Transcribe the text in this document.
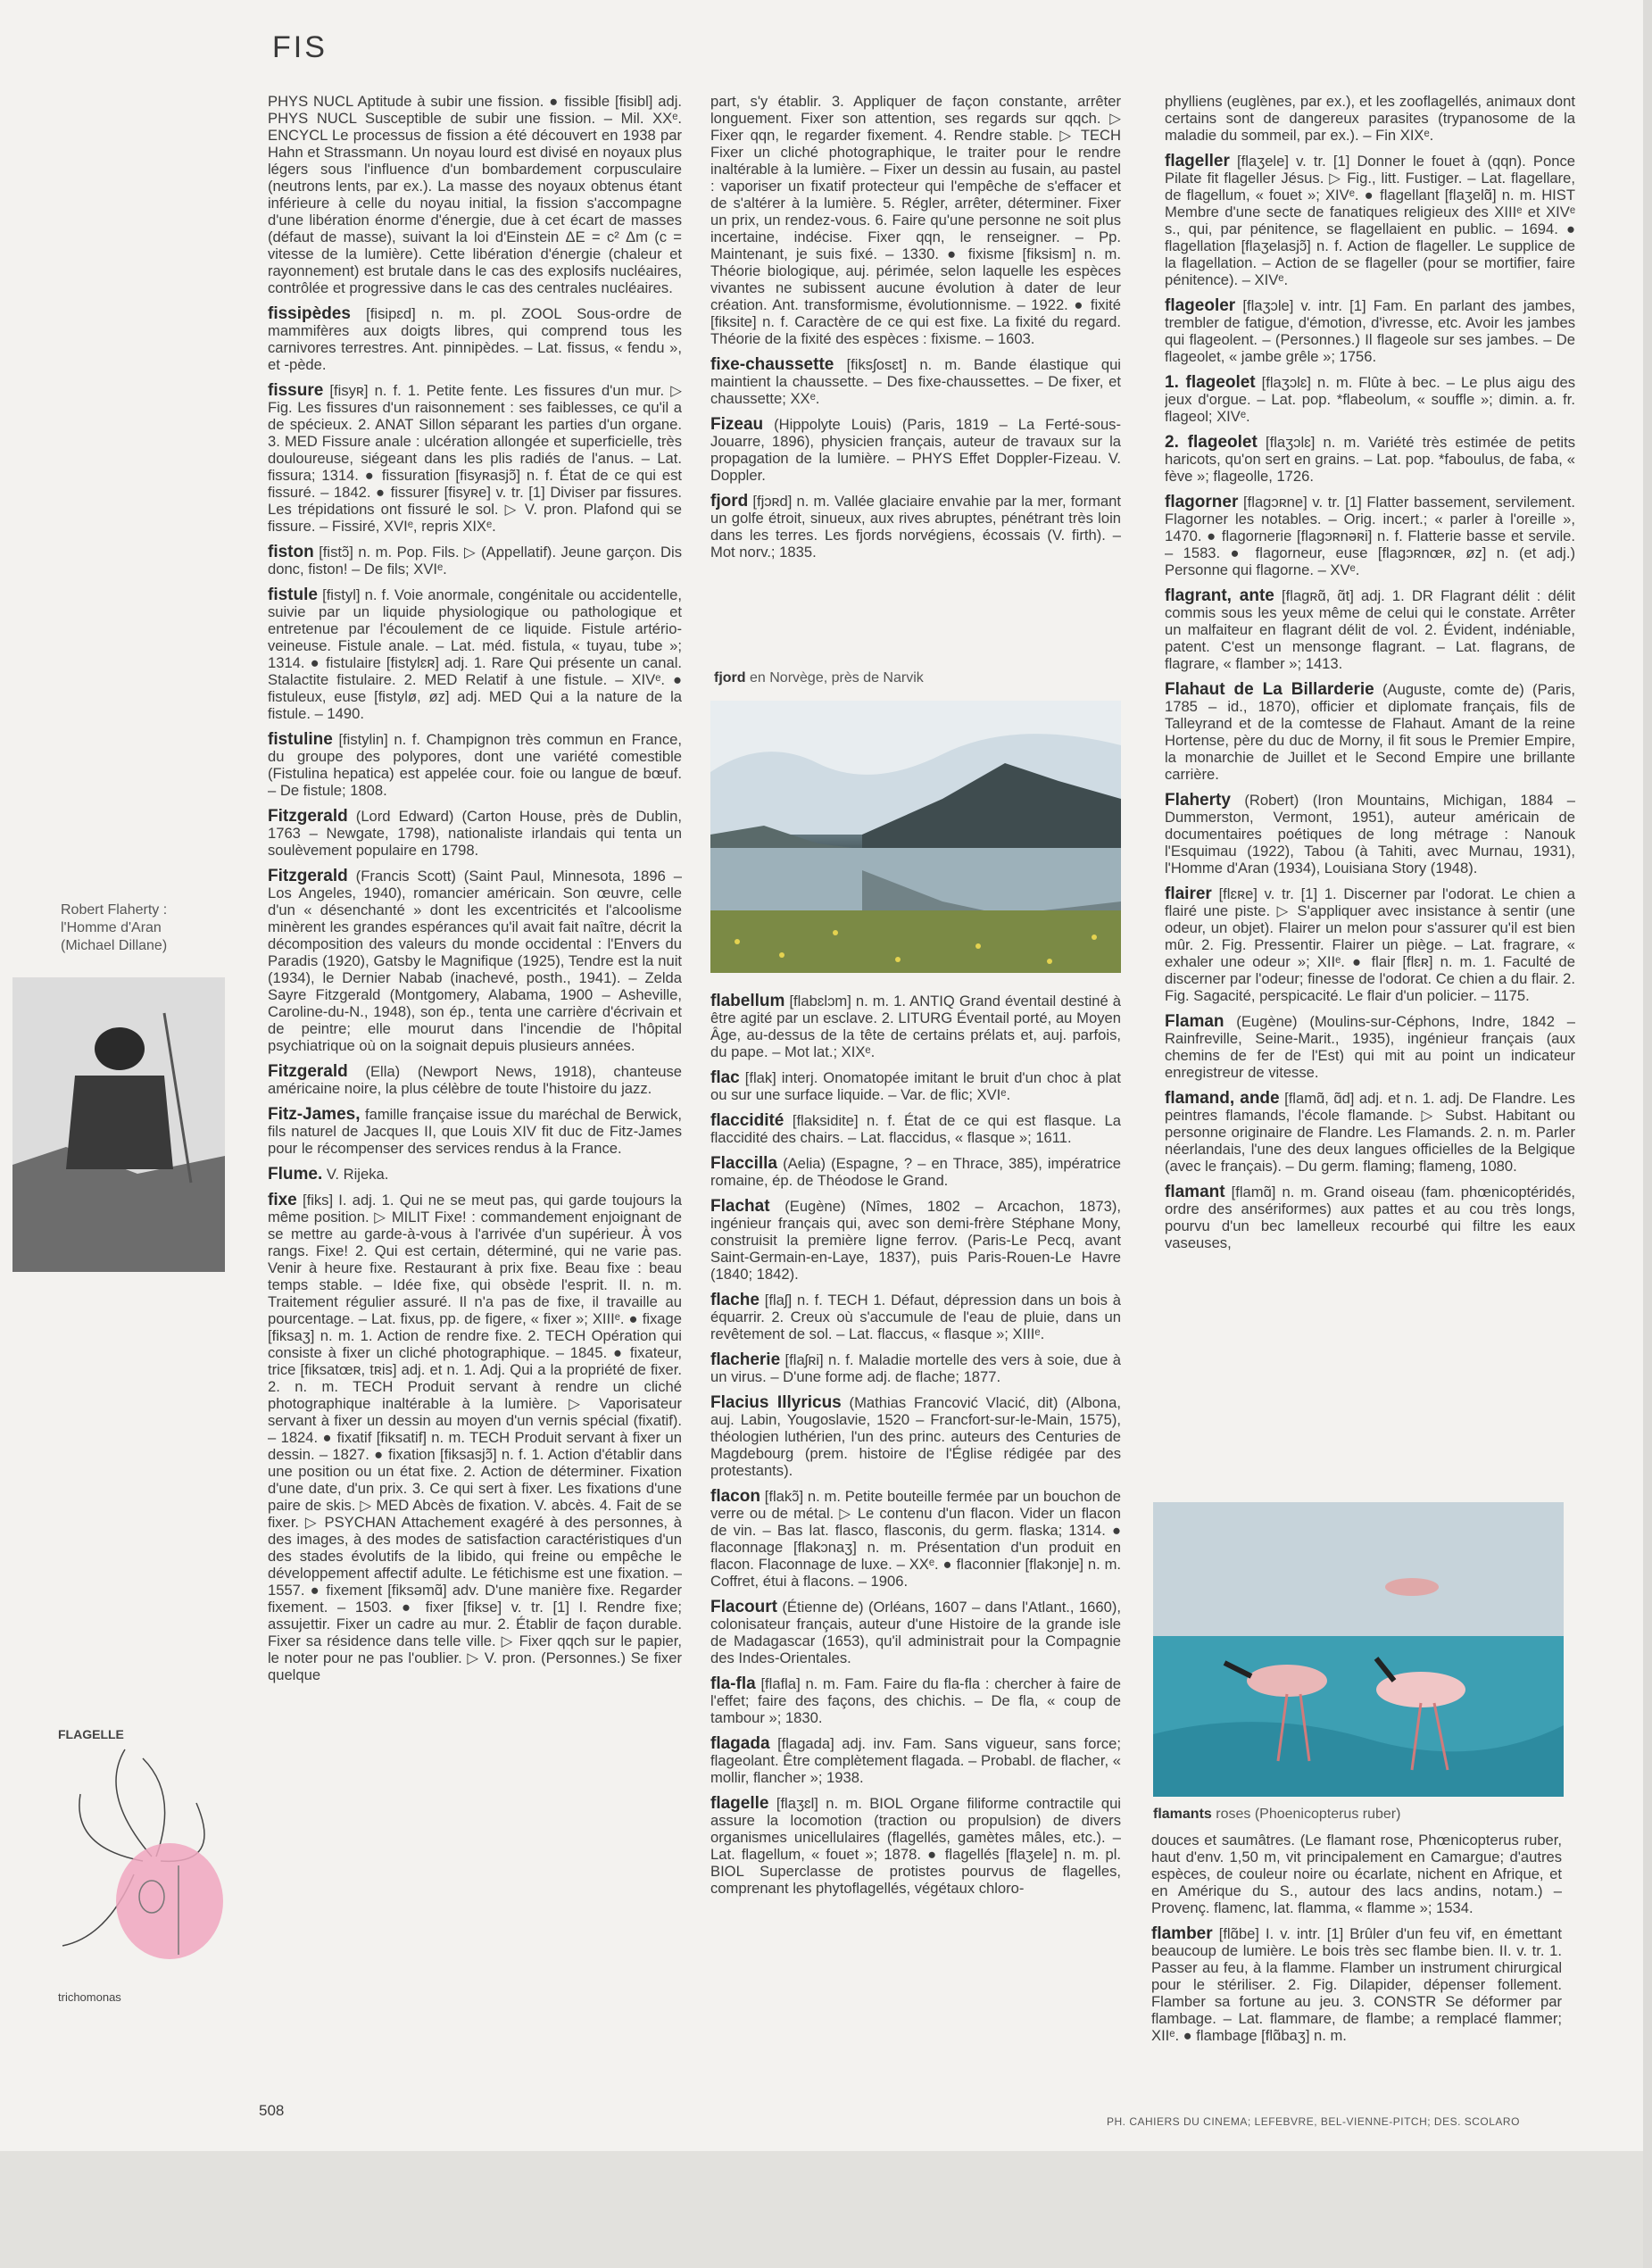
FIS

PHYS NUCL Aptitude à subir une fission. ● fissible [fisibl] adj. PHYS NUCL Susceptible de subir une fission. – Mil. XXᵉ. ENCYCL Le processus de fission a été découvert en 1938 par Hahn et Strassmann. Un noyau lourd est divisé en noyaux plus légers sous l'influence d'un bombardement corpusculaire (neutrons lents, par ex.). La masse des noyaux obtenus étant inférieure à celle du noyau initial, la fission s'accompagne d'une libération énorme d'énergie, due à cet écart de masses (défaut de masse), suivant la loi d'Einstein ΔE = c² Δm (c = vitesse de la lumière). Cette libération d'énergie (chaleur et rayonnement) est brutale dans le cas des explosifs nucléaires, contrôlée et progressive dans le cas des centrales nucléaires.

fissipèdes [fisipɛd] n. m. pl. ZOOL Sous-ordre de mammifères aux doigts libres, qui comprend tous les carnivores terrestres. Ant. pinnipèdes. – Lat. fissus, « fendu », et -pède.

fissure [fisyʀ] n. f. 1. Petite fente. Les fissures d'un mur. ▷ Fig. Les fissures d'un raisonnement : ses faiblesses, ce qu'il a de spécieux. 2. ANAT Sillon séparant les parties d'un organe. 3. MED Fissure anale : ulcération allongée et superficielle, très douloureuse, siégeant dans les plis radiés de l'anus. – Lat. fissura; 1314. ● fissuration [fisyʀasjɔ̃] n. f. État de ce qui est fissuré. – 1842. ● fissurer [fisyʀe] v. tr. [1] Diviser par fissures. Les trépidations ont fissuré le sol. ▷ V. pron. Plafond qui se fissure. – Fissiré, XVIᵉ, repris XIXᵉ.

fiston [fistɔ̃] n. m. Pop. Fils. ▷ (Appellatif). Jeune garçon. Dis donc, fiston! – De fils; XVIᵉ.

fistule [fistyl] n. f. Voie anormale, congénitale ou accidentelle, suivie par un liquide physiologique ou pathologique et entretenue par l'écoulement de ce liquide. Fistule artério-veineuse. Fistule anale. – Lat. méd. fistula, « tuyau, tube »; 1314. ● fistulaire [fistylɛʀ] adj. 1. Rare Qui présente un canal. Stalactite fistulaire. 2. MED Relatif à une fistule. – XIVᵉ. ● fistuleux, euse [fistylø, øz] adj. MED Qui a la nature de la fistule. – 1490.

fistuline [fistylin] n. f. Champignon très commun en France, du groupe des polypores, dont une variété comestible (Fistulina hepatica) est appelée cour. foie ou langue de bœuf. – De fistule; 1808.

Fitzgerald (Lord Edward) (Carton House, près de Dublin, 1763 – Newgate, 1798), nationaliste irlandais qui tenta un soulèvement populaire en 1798.

Fitzgerald (Francis Scott) (Saint Paul, Minnesota, 1896 – Los Angeles, 1940), romancier américain. Son œuvre, celle d'un « désenchanté » dont les excentricités et l'alcoolisme minèrent les grandes espérances qu'il avait fait naître, décrit la décomposition des valeurs du monde occidental : l'Envers du Paradis (1920), Gatsby le Magnifique (1925), Tendre est la nuit (1934), le Dernier Nabab (inachevé, posth., 1941). – Zelda Sayre Fitzgerald (Montgomery, Alabama, 1900 – Asheville, Caroline-du-N., 1948), son ép., tenta une carrière d'écrivain et de peintre; elle mourut dans l'incendie de l'hôpital psychiatrique où on la soignait depuis plusieurs années.

Fitzgerald (Ella) (Newport News, 1918), chanteuse américaine noire, la plus célèbre de toute l'histoire du jazz.

Fitz-James, famille française issue du maréchal de Berwick, fils naturel de Jacques II, que Louis XIV fit duc de Fitz-James pour le récompenser des services rendus à la France.

Flume. V. Rijeka.

fixe [fiks] I. adj. 1. Qui ne se meut pas, qui garde toujours la même position. ▷ MILIT Fixe! : commandement enjoignant de se mettre au garde-à-vous à l'arrivée d'un supérieur. À vos rangs. Fixe! 2. Qui est certain, déterminé, qui ne varie pas. Venir à heure fixe. Restaurant à prix fixe. Beau fixe : beau temps stable. – Idée fixe, qui obsède l'esprit. II. n. m. Traitement régulier assuré. Il n'a pas de fixe, il travaille au pourcentage. – Lat. fixus, pp. de figere, « fixer »; XIIIᵉ. ● fixage [fiksaʒ] n. m. 1. Action de rendre fixe. 2. TECH Opération qui consiste à fixer un cliché photographique. – 1845. ● fixateur, trice [fiksatœʀ, tʀis] adj. et n. 1. Adj. Qui a la propriété de fixer. 2. n. m. TECH Produit servant à rendre un cliché photographique inaltérable à la lumière. ▷ Vaporisateur servant à fixer un dessin au moyen d'un vernis spécial (fixatif). – 1824. ● fixatif [fiksatif] n. m. TECH Produit servant à fixer un dessin. – 1827. ● fixation [fiksasjɔ̃] n. f. 1. Action d'établir dans une position ou un état fixe. 2. Action de déterminer. Fixation d'une date, d'un prix. 3. Ce qui sert à fixer. Les fixations d'une paire de skis. ▷ MED Abcès de fixation. V. abcès. 4. Fait de se fixer. ▷ PSYCHAN Attachement exagéré à des personnes, à des images, à des modes de satisfaction caractéristiques d'un des stades évolutifs de la libido, qui freine ou empêche le développement affectif adulte. Le fétichisme est une fixation. – 1557. ● fixement [fiksəmɑ̃] adv. D'une manière fixe. Regarder fixement. – 1503. ● fixer [fikse] v. tr. [1] I. Rendre fixe; assujettir. Fixer un cadre au mur. 2. Établir de façon durable. Fixer sa résidence dans telle ville. ▷ Fixer qqch sur le papier, le noter pour ne pas l'oublier. ▷ V. pron. (Personnes.) Se fixer quelque

part, s'y établir. 3. Appliquer de façon constante, arrêter longuement. Fixer son attention, ses regards sur qqch. ▷ Fixer qqn, le regarder fixement. 4. Rendre stable. ▷ TECH Fixer un cliché photographique, le traiter pour le rendre inaltérable à la lumière. – Fixer un dessin au fusain, au pastel : vaporiser un fixatif protecteur qui l'empêche de s'effacer et de s'altérer à la lumière. 5. Régler, arrêter, déterminer. Fixer un prix, un rendez-vous. 6. Faire qu'une personne ne soit plus incertaine, indécise. Fixer qqn, le renseigner. – Pp. Maintenant, je suis fixé. – 1330. ● fixisme [fiksism] n. m. Théorie biologique, auj. périmée, selon laquelle les espèces vivantes ne subissent aucune évolution à dater de leur création. Ant. transformisme, évolutionnisme. – 1922. ● fixité [fiksite] n. f. Caractère de ce qui est fixe. La fixité du regard. Théorie de la fixité des espèces : fixisme. – 1603.

fixe-chaussette [fiksʃosɛt] n. m. Bande élastique qui maintient la chaussette. – Des fixe-chaussettes. – De fixer, et chaussette; XXᵉ.

Fizeau (Hippolyte Louis) (Paris, 1819 – La Ferté-sous-Jouarre, 1896), physicien français, auteur de travaux sur la propagation de la lumière. – PHYS Effet Doppler-Fizeau. V. Doppler.

fjord [fjɔʀd] n. m. Vallée glaciaire envahie par la mer, formant un golfe étroit, sinueux, aux rives abruptes, pénétrant très loin dans les terres. Les fjords norvégiens, écossais (V. firth). – Mot norv.; 1835.

fjord en Norvège, près de Narvik

flabellum [flabɛlɔm] n. m. 1. ANTIQ Grand éventail destiné à être agité par un esclave. 2. LITURG Éventail porté, au Moyen Âge, au-dessus de la tête de certains prélats et, auj. parfois, du pape. – Mot lat.; XIXᵉ.

flac [flak] interj. Onomatopée imitant le bruit d'un choc à plat ou sur une surface liquide. – Var. de flic; XVIᵉ.

flaccidité [flaksidite] n. f. État de ce qui est flasque. La flaccidité des chairs. – Lat. flaccidus, « flasque »; 1611.

Flaccilla (Aelia) (Espagne, ? – en Thrace, 385), impératrice romaine, ép. de Théodose le Grand.

Flachat (Eugène) (Nîmes, 1802 – Arcachon, 1873), ingénieur français qui, avec son demi-frère Stéphane Mony, construisit la première ligne ferrov. (Paris-Le Pecq, avant Saint-Germain-en-Laye, 1837), puis Paris-Rouen-Le Havre (1840; 1842).

flache [flaʃ] n. f. TECH 1. Défaut, dépression dans un bois à équarrir. 2. Creux où s'accumule de l'eau de pluie, dans un revêtement de sol. – Lat. flaccus, « flasque »; XIIIᵉ.

flacherie [flaʃʀi] n. f. Maladie mortelle des vers à soie, due à un virus. – D'une forme adj. de flache; 1877.

Flacius Illyricus (Mathias Francović Vlacić, dit) (Albona, auj. Labin, Yougoslavie, 1520 – Francfort-sur-le-Main, 1575), théologien luthérien, l'un des princ. auteurs des Centuries de Magdebourg (prem. histoire de l'Église rédigée par des protestants).

flacon [flakɔ̃] n. m. Petite bouteille fermée par un bouchon de verre ou de métal. ▷ Le contenu d'un flacon. Vider un flacon de vin. – Bas lat. flasco, flasconis, du germ. flaska; 1314. ● flaconnage [flakɔnaʒ] n. m. Présentation d'un produit en flacon. Flaconnage de luxe. – XXᵉ. ● flaconnier [flakɔnje] n. m. Coffret, étui à flacons. – 1906.

Flacourt (Étienne de) (Orléans, 1607 – dans l'Atlant., 1660), colonisateur français, auteur d'une Histoire de la grande isle de Madagascar (1653), qu'il administrait pour la Compagnie des Indes-Orientales.

fla-fla [flafla] n. m. Fam. Faire du fla-fla : chercher à faire de l'effet; faire des façons, des chichis. – De fla, « coup de tambour »; 1830.

flagada [flagada] adj. inv. Fam. Sans vigueur, sans force; flageolant. Être complètement flagada. – Probabl. de flacher, « mollir, flancher »; 1938.

flagelle [flaʒɛl] n. m. BIOL Organe filiforme contractile qui assure la locomotion (traction ou propulsion) de divers organismes unicellulaires (flagellés, gamètes mâles, etc.). – Lat. flagellum, « fouet »; 1878. ● flagellés [flaʒele] n. m. pl. BIOL Superclasse de protistes pourvus de flagelles, comprenant les phytoflagellés, végétaux chloro-

phylliens (euglènes, par ex.), et les zooflagellés, animaux dont certains sont de dangereux parasites (trypanosome de la maladie du sommeil, par ex.). – Fin XIXᵉ.

flageller [flaʒele] v. tr. [1] Donner le fouet à (qqn). Ponce Pilate fit flageller Jésus. ▷ Fig., litt. Fustiger. – Lat. flagellare, de flagellum, « fouet »; XIVᵉ. ● flagellant [flaʒelɑ̃] n. m. HIST Membre d'une secte de fanatiques religieux des XIIIᵉ et XIVᵉ s., qui, par pénitence, se flagellaient en public. – 1694. ● flagellation [flaʒelasjɔ̃] n. f. Action de flageller. Le supplice de la flagellation. – Action de se flageller (pour se mortifier, faire pénitence). – XIVᵉ.

flageoler [flaʒɔle] v. intr. [1] Fam. En parlant des jambes, trembler de fatigue, d'émotion, d'ivresse, etc. Avoir les jambes qui flageolent. – (Personnes.) Il flageole sur ses jambes. – De flageolet, « jambe grêle »; 1756.

1. flageolet [flaʒɔlɛ] n. m. Flûte à bec. – Le plus aigu des jeux d'orgue. – Lat. pop. *flabeolum, « souffle »; dimin. a. fr. flageol; XIVᵉ.

2. flageolet [flaʒɔlɛ] n. m. Variété très estimée de petits haricots, qu'on sert en grains. – Lat. pop. *faboulus, de faba, « fève »; flageolle, 1726.

flagorner [flagɔʀne] v. tr. [1] Flatter bassement, servilement. Flagorner les notables. – Orig. incert.; « parler à l'oreille », 1470. ● flagornerie [flagɔʀnəʀi] n. f. Flatterie basse et servile. – 1583. ● flagorneur, euse [flagɔʀnœʀ, øz] n. (et adj.) Personne qui flagorne. – XVᵉ.

flagrant, ante [flagʀɑ̃, ɑ̃t] adj. 1. DR Flagrant délit : délit commis sous les yeux même de celui qui le constate. Arrêter un malfaiteur en flagrant délit de vol. 2. Évident, indéniable, patent. C'est un mensonge flagrant. – Lat. flagrans, de flagrare, « flamber »; 1413.

Flahaut de La Billarderie (Auguste, comte de) (Paris, 1785 – id., 1870), officier et diplomate français, fils de Talleyrand et de la comtesse de Flahaut. Amant de la reine Hortense, père du duc de Morny, il fit sous le Premier Empire, la monarchie de Juillet et le Second Empire une brillante carrière.

Flaherty (Robert) (Iron Mountains, Michigan, 1884 – Dummerston, Vermont, 1951), auteur américain de documentaires poétiques de long métrage : Nanouk l'Esquimau (1922), Tabou (à Tahiti, avec Murnau, 1931), l'Homme d'Aran (1934), Louisiana Story (1948).

flairer [flɛʀe] v. tr. [1] 1. Discerner par l'odorat. Le chien a flairé une piste. ▷ S'appliquer avec insistance à sentir (une odeur, un objet). Flairer un melon pour s'assurer qu'il est bien mûr. 2. Fig. Pressentir. Flairer un piège. – Lat. fragrare, « exhaler une odeur »; XIIᵉ. ● flair [flɛʀ] n. m. 1. Faculté de discerner par l'odeur; finesse de l'odorat. Ce chien a du flair. 2. Fig. Sagacité, perspicacité. Le flair d'un policier. – 1175.

Flaman (Eugène) (Moulins-sur-Céphons, Indre, 1842 – Rainfreville, Seine-Marit., 1935), ingénieur français (aux chemins de fer de l'Est) qui mit au point un indicateur enregistreur de vitesse.

flamand, ande [flamɑ̃, ɑ̃d] adj. et n. 1. adj. De Flandre. Les peintres flamands, l'école flamande. ▷ Subst. Habitant ou personne originaire de Flandre. Les Flamands. 2. n. m. Parler néerlandais, l'une des deux langues officielles de la Belgique (avec le français). – Du germ. flaming; flameng, 1080.

flamant [flamɑ̃] n. m. Grand oiseau (fam. phœnicoptéridés, ordre des ansériformes) aux pattes et au cou très longs, pourvu d'un bec lamelleux recourbé qui filtre les eaux vaseuses,

flamants roses (Phoenicopterus ruber)

douces et saumâtres. (Le flamant rose, Phœnicopterus ruber, haut d'env. 1,50 m, vit principalement en Camargue; d'autres espèces, de couleur noire ou écarlate, nichent en Afrique, et en Amérique du S., autour des lacs andins, notam.) – Provenç. flamenc, lat. flamma, « flamme »; 1534.

flamber [flɑ̃be] I. v. intr. [1] Brûler d'un feu vif, en émettant beaucoup de lumière. Le bois très sec flambe bien. II. v. tr. 1. Passer au feu, à la flamme. Flamber un instrument chirurgical pour le stériliser. 2. Fig. Dilapider, dépenser follement. Flamber sa fortune au jeu. 3. CONSTR Se déformer par flambage. – Lat. flammare, de flambe; a remplacé flammer; XIIᵉ. ● flambage [flɑ̃baʒ] n. m.

Robert Flaherty :
l'Homme d'Aran
(Michael Dillane)
FLAGELLE
trichomonas
508
PH. CAHIERS DU CINEMA; LEFEBVRE, BEL-VIENNE-PITCH; DES. SCOLARO
